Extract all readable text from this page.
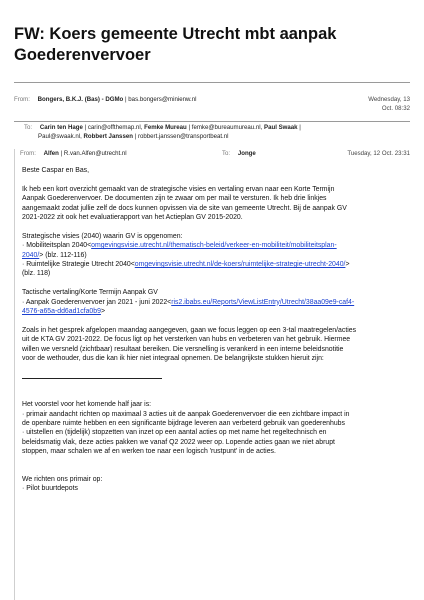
FW: Koers gemeente Utrecht mbt aanpak Goederenvervoer
From: Bongers, B.K.J. (Bas) - DGMo | bas.bongers@minienw.nl	Wednesday, 13
Oct. 08:32
To: Carin ten Hage | carin@offthemap.nl, Femke Mureau | femke@bureaumureau.nl, Paul Swaak |
Paul@swaak.nl, Robbert Janssen | robbert.janssen@transportbeat.nl
From: Alfen | R.van.Alfen@utrecht.nl	To: Jonge	Tuesday, 12 Oct. 23:31

Beste Caspar en Bas,

Ik heb een kort overzicht gemaakt van de strategische visies en vertaling ervan naar een Korte Termijn
Aanpak Goederenvervoer. De documenten zijn te zwaar om per mail te versturen. Ik heb drie linkjes
aangemaakt zodat jullie zelf de docs kunnen opvissen via de site van gemeente Utrecht. Bij de aanpak GV
2021-2022 zit ook het evaluatierapport van het Actieplan GV 2015-2020.

Strategische visies (2040) waarin GV is opgenomen:
· Mobiliteitsplan 2040<omgevingsvisie.utrecht.nl/thematisch-beleid/verkeer-en-mobiliteit/mobiliteitsplan-
2040/> (blz. 112-116)
· Ruimtelijke Strategie Utrecht 2040<omgevingsvisie.utrecht.nl/de-koers/ruimtelijke-strategie-utrecht-2040/>
(blz. 118)

Tactische vertaling/Korte Termijn Aanpak GV
· Aanpak Goederenvervoer jan 2021 - juni 2022<ris2.ibabs.eu/Reports/ViewListEntry/Utrecht/38aa09e9-caf4-
4576-a65a-dd6ad1cfa0b9>

Zoals in het gesprek afgelopen maandag aangegeven, gaan we focus leggen op een 3-tal maatregelen/acties
uit de KTA GV 2021-2022. De focus ligt op het versterken van hubs en verbeteren van het gebruik. Hiermee
willen we versneld (zichtbaar) resultaat bereiken. Die versnelling is verankerd in een interne beleidsnotitie
voor de wethouder, dus die kan ik hier niet integraal opnemen. De belangrijkste stukken hieruit zijn:

Het voorstel voor het komende half jaar is:
· primair aandacht richten op maximaal 3 acties uit de aanpak Goederenvervoer die een zichtbare impact in
de openbare ruimte hebben en een significante bijdrage leveren aan verbeterd gebruik van goederenhubs
· uitstellen en (tijdelijk) stopzetten van inzet op een aantal acties op met name het regeltechnisch en
beleidsmatig vlak, deze acties pakken we vanaf Q2 2022 weer op. Lopende acties gaan we niet abrupt
stoppen, maar schalen we af en werken toe naar een logisch 'rustpunt' in de acties.

We richten ons primair op:
· Pilot buurtdepots
